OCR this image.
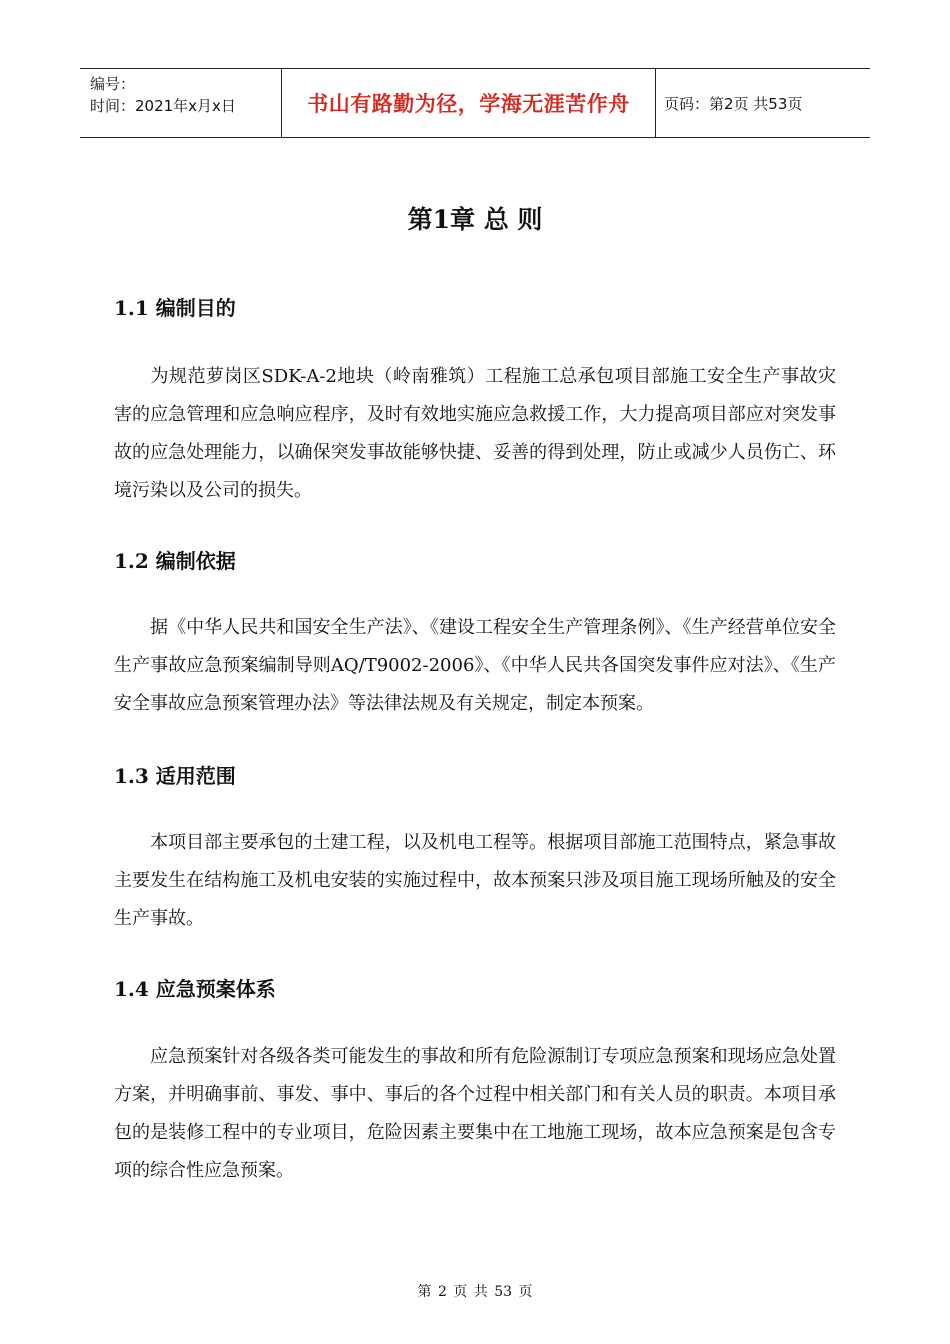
编号：
时间：2021年x月x日	书山有路勤为径，学海无涯苦作舟 页码：第2页 共53页
第1章 总 则
1.1 编制目的
为规范萝岗区SDK-A-2地块（岭南雅筑）工程施工总承包项目部施工安全生产事故灾害的应急管理和应急响应程序，及时有效地实施应急救援工作，大力提高项目部应对突发事故的应急处理能力，以确保突发事故能够快捷、妥善的得到处理，防止或减少人员伤亡、环境污染以及公司的损失。
1.2 编制依据
据《中华人民共和国安全生产法》、《建设工程安全生产管理条例》、《生产经营单位安全生产事故应急预案编制导则AQ/T9002-2006》、《中华人民共各国突发事件应对法》、《生产安全事故应急预案管理办法》等法律法规及有关规定，制定本预案。
1.3 适用范围
本项目部主要承包的土建工程，以及机电工程等。根据项目部施工范围特点，紧急事故主要发生在结构施工及机电安装的实施过程中，故本预案只涉及项目施工现场所触及的安全生产事故。
1.4 应急预案体系
应急预案针对各级各类可能发生的事故和所有危险源制订专项应急预案和现场应急处置方案，并明确事前、事发、事中、事后的各个过程中相关部门和有关人员的职责。本项目承包的是装修工程中的专业项目，危险因素主要集中在工地施工现场，故本应急预案是包含专项的综合性应急预案。
第 2 页 共 53 页
